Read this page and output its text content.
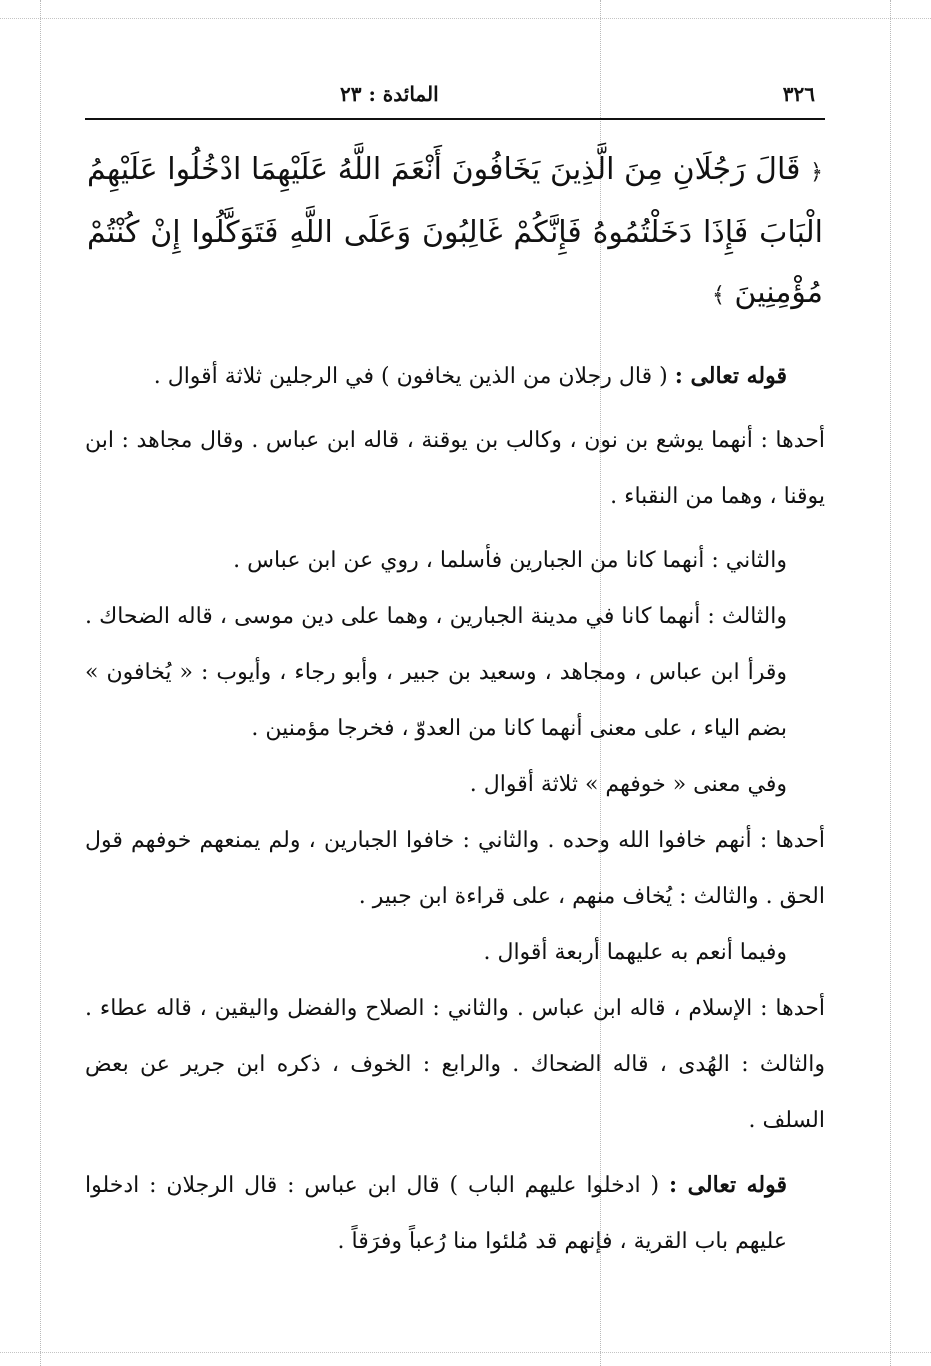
٣٢٦
المائدة : ٢٣
﴿ قَالَ رَجُلَانِ مِنَ الَّذِينَ يَخَافُونَ أَنْعَمَ اللَّهُ عَلَيْهِمَا ادْخُلُوا عَلَيْهِمُ الْبَابَ فَإِذَا دَخَلْتُمُوهُ فَإِنَّكُمْ غَالِبُونَ وَعَلَى اللَّهِ فَتَوَكَّلُوا إِنْ كُنْتُمْ مُؤْمِنِينَ ﴾

قوله تعالى : ( قال رجلان من الذين يخافون ) في الرجلين ثلاثة أقوال .

أحدها : أنهما يوشع بن نون ، وكالب بن يوقنة ، قاله ابن عباس . وقال مجاهد : ابن يوقنا ، وهما من النقباء .

والثاني : أنهما كانا من الجبارين فأسلما ، روي عن ابن عباس .

والثالث : أنهما كانا في مدينة الجبارين ، وهما على دين موسى ، قاله الضحاك . وقرأ ابن عباس ، ومجاهد ، وسعيد بن جبير ، وأبو رجاء ، وأيوب : « يُخافون » بضم الياء ، على معنى أنهما كانا من العدوّ ، فخرجا مؤمنين .

وفي معنى « خوفهم » ثلاثة أقوال .

أحدها : أنهم خافوا الله وحده . والثاني : خافوا الجبارين ، ولم يمنعهم خوفهم قول الحق . والثالث : يُخاف منهم ، على قراءة ابن جبير .

وفيما أنعم به عليهما أربعة أقوال .

أحدها : الإسلام ، قاله ابن عباس . والثاني : الصلاح والفضل واليقين ، قاله عطاء . والثالث : الهُدى ، قاله الضحاك . والرابع : الخوف ، ذكره ابن جرير عن بعض السلف .

قوله تعالى : ( ادخلوا عليهم الباب ) قال ابن عباس : قال الرجلان : ادخلوا عليهم باب القرية ، فإنهم قد مُلئوا منا رُعباً وفرَقاً .
